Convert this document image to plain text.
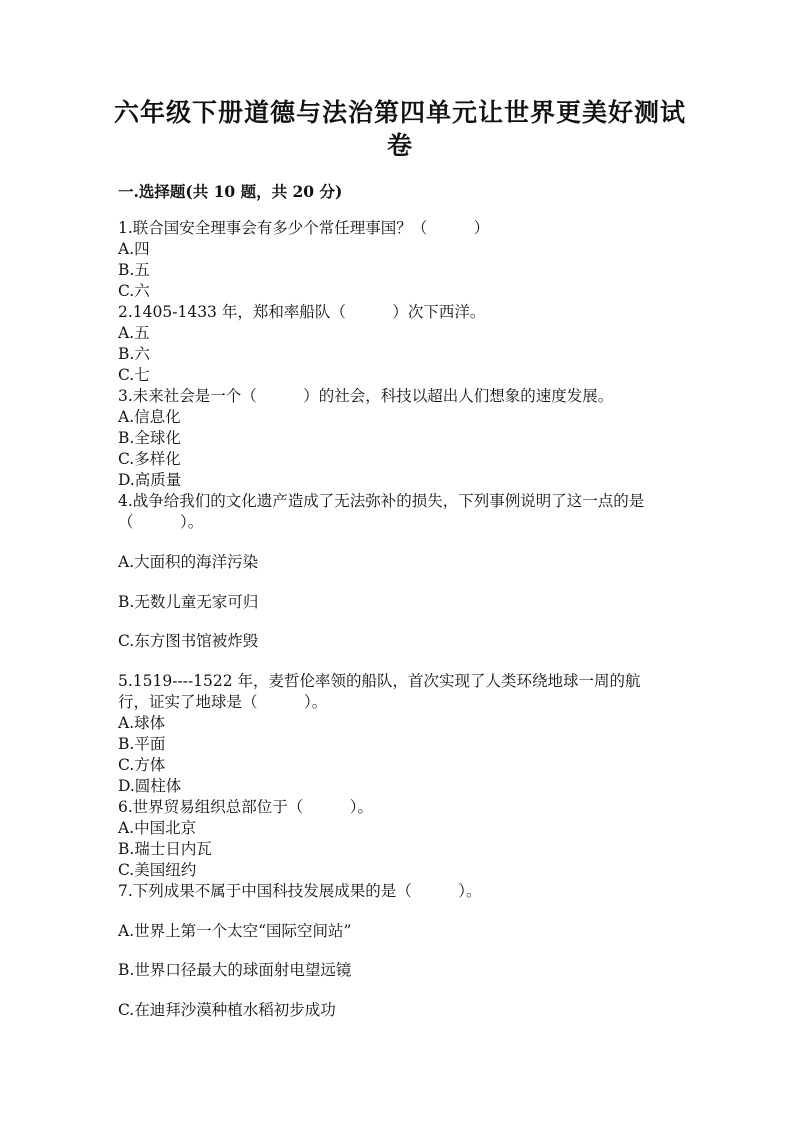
六年级下册道德与法治第四单元让世界更美好测试
卷
一.选择题(共 10 题，共 20 分)
1.联合国安全理事会有多少个常任理事国？（　　　）
A.四
B.五
C.六
2.1405-1433 年，郑和率船队（　　　）次下西洋。
A.五
B.六
C.七
3.未来社会是一个（　　　）的社会，科技以超出人们想象的速度发展。
A.信息化
B.全球化
C.多样化
D.高质量
4.战争给我们的文化遗产造成了无法弥补的损失，下列事例说明了这一点的是
（　　　）。
A.大面积的海洋污染
B.无数儿童无家可归
C.东方图书馆被炸毁
5.1519----1522 年，麦哲伦率领的船队，首次实现了人类环绕地球一周的航
行，证实了地球是（　　　）。
A.球体
B.平面
C.方体
D.圆柱体
6.世界贸易组织总部位于（　　　）。
A.中国北京
B.瑞士日内瓦
C.美国纽约
7.下列成果不属于中国科技发展成果的是（　　　）。
A.世界上第一个太空“国际空间站”
B.世界口径最大的球面射电望远镜
C.在迪拜沙漠种植水稻初步成功
